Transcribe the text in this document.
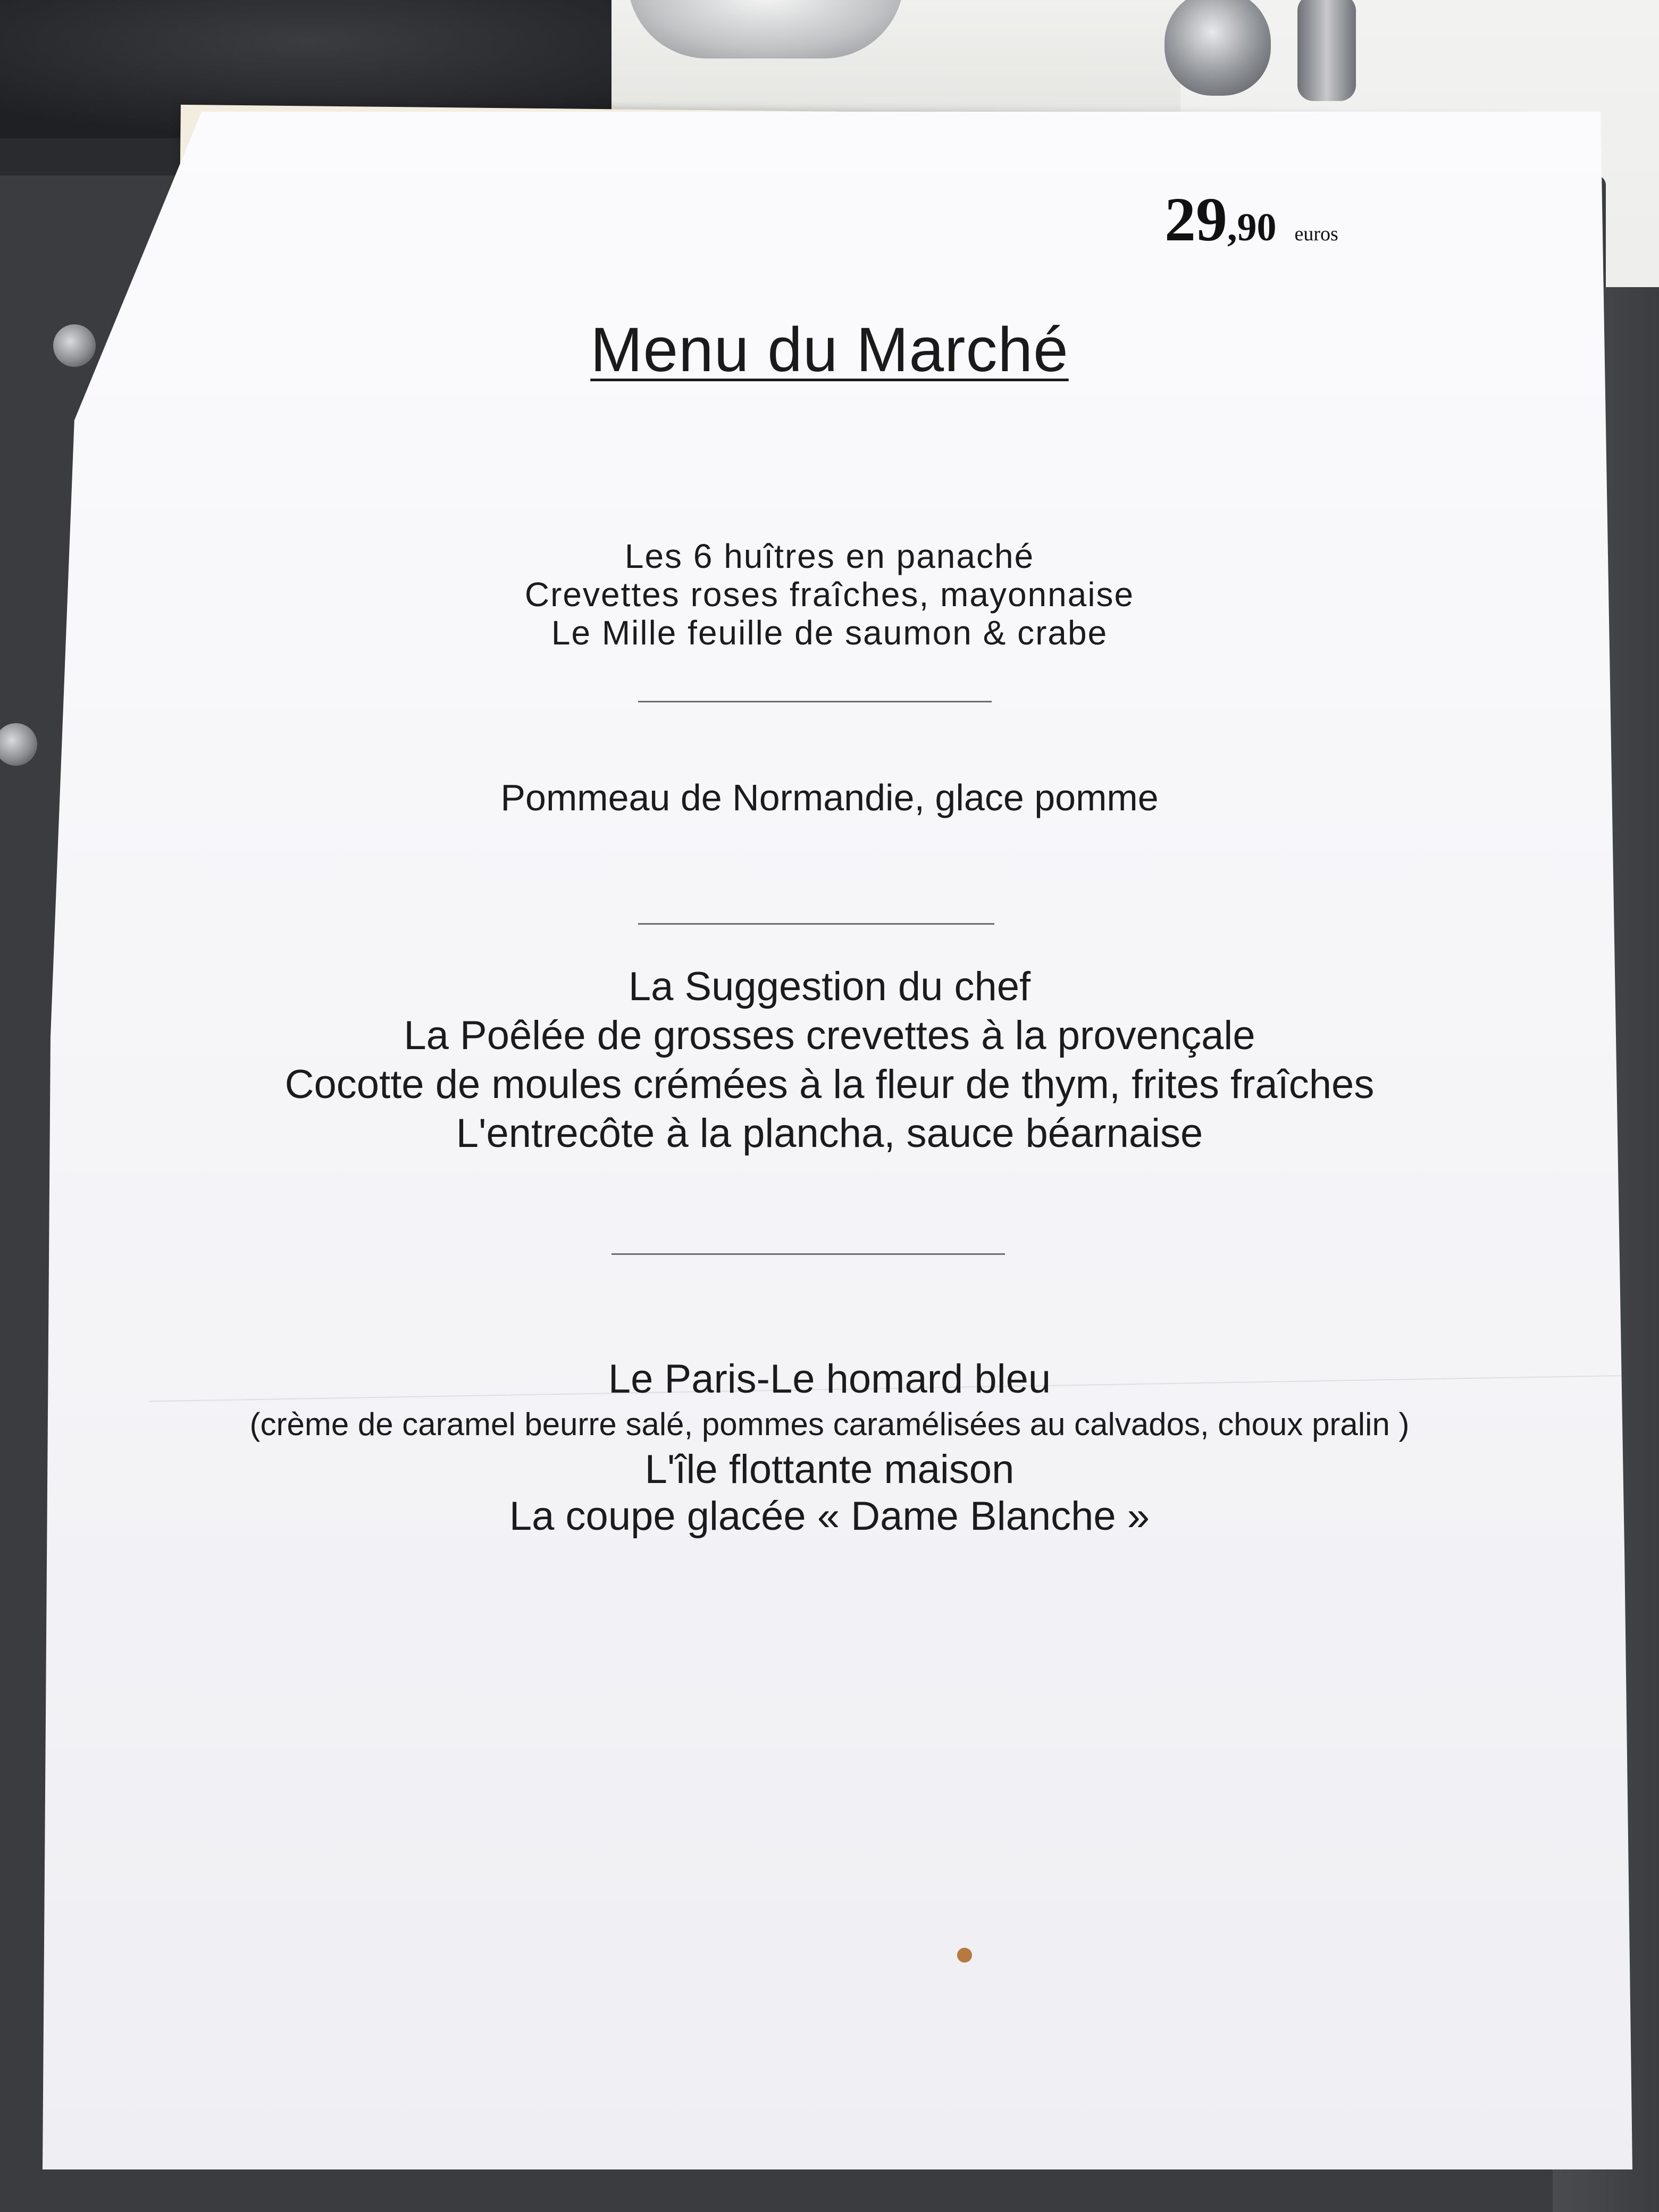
29,90 euros
Menu du Marché
Les 6 huîtres en panaché
Crevettes roses fraîches, mayonnaise
Le Mille feuille de saumon & crabe
Pommeau de Normandie, glace pomme
La Suggestion du chef
La Poêlée de grosses crevettes à la provençale
Cocotte de moules crémées à la fleur de thym, frites fraîches
L'entrecôte à la plancha, sauce béarnaise
Le Paris-Le homard bleu
(crème de caramel beurre salé, pommes caramélisées au calvados, choux pralin )
L'île flottante maison
La coupe glacée « Dame Blanche »
